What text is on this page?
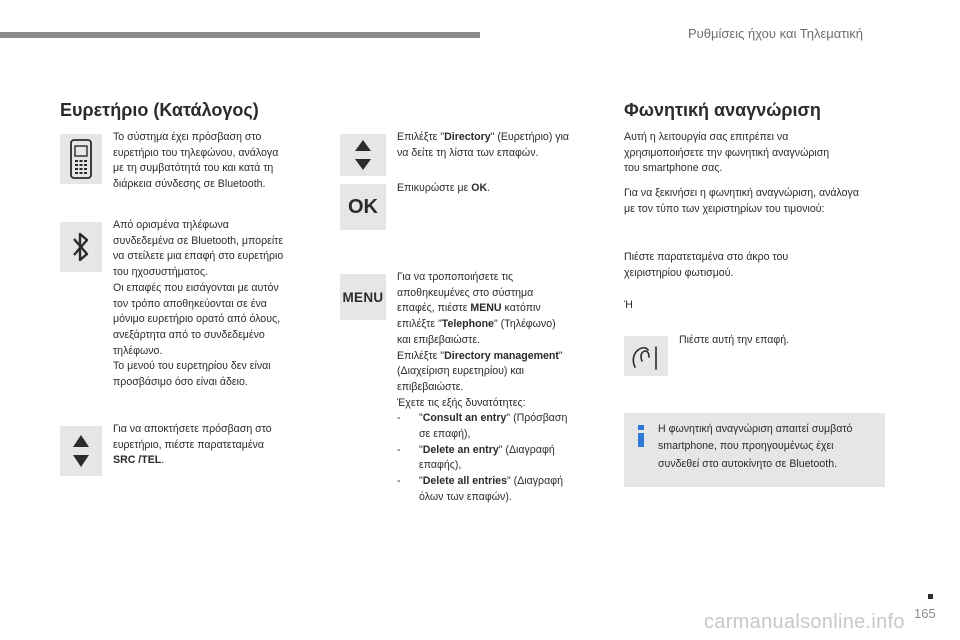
Ρυθμίσεις ήχου και Τηλεματική
Ευρετήριο (Κατάλογος)
Το σύστημα έχει πρόσβαση στο
ευρετήριο του τηλεφώνου, ανάλογα
με τη συμβατότητά του και κατά τη
διάρκεια σύνδεσης σε Bluetooth.
Από ορισμένα τηλέφωνα
συνδεδεμένα σε Bluetooth, μπορείτε
να στείλετε μια επαφή στο ευρετήριο
του ηχοσυστήματος.
Οι επαφές που εισάγονται με αυτόν
τον τρόπο αποθηκεύονται σε ένα
μόνιμο ευρετήριο ορατό από όλους,
ανεξάρτητα από το συνδεδεμένο
τηλέφωνο.
Το μενού του ευρετηρίου δεν είναι
προσβάσιμο όσο είναι άδειο.
Για να αποκτήσετε πρόσβαση στο
ευρετήριο, πιέστε παρατεταμένα
SRC /TEL.
Επιλέξτε "Directory" (Ευρετήριο) για
να δείτε τη λίστα των επαφών.
OK
Επικυρώστε με OK.
MENU
Για να τροποποιήσετε τις
αποθηκευμένες στο σύστημα
επαφές, πιέστε MENU κατόπιν
επιλέξτε "Telephone" (Τηλέφωνο)
και επιβεβαιώστε.
Επιλέξτε "Directory management"
(Διαχείριση ευρετηρίου) και
επιβεβαιώστε.
Έχετε τις εξής δυνατότητες:
- "Consult an entry" (Πρόσβαση
σε επαφή),
- "Delete an entry" (Διαγραφή
επαφής),
- "Delete all entries" (Διαγραφή
όλων των επαφών).
Φωνητική αναγνώριση
Αυτή η λειτουργία σας επιτρέπει να
χρησιμοποιήσετε την φωνητική αναγνώριση
του smartphone σας.
Για να ξεκινήσει η φωνητική αναγνώριση, ανάλογα
με τον τύπο των χειριστηρίων του τιμονιού:
Πιέστε παρατεταμένα στο άκρο του
χειριστηρίου φωτισμού.
Ή
Πιέστε αυτή την επαφή.
Η φωνητική αναγνώριση απαιτεί συμβατό
smartphone, που προηγουμένως έχει
συνδεθεί στο αυτοκίνητο σε Bluetooth.
carmanualsonline.info 165
